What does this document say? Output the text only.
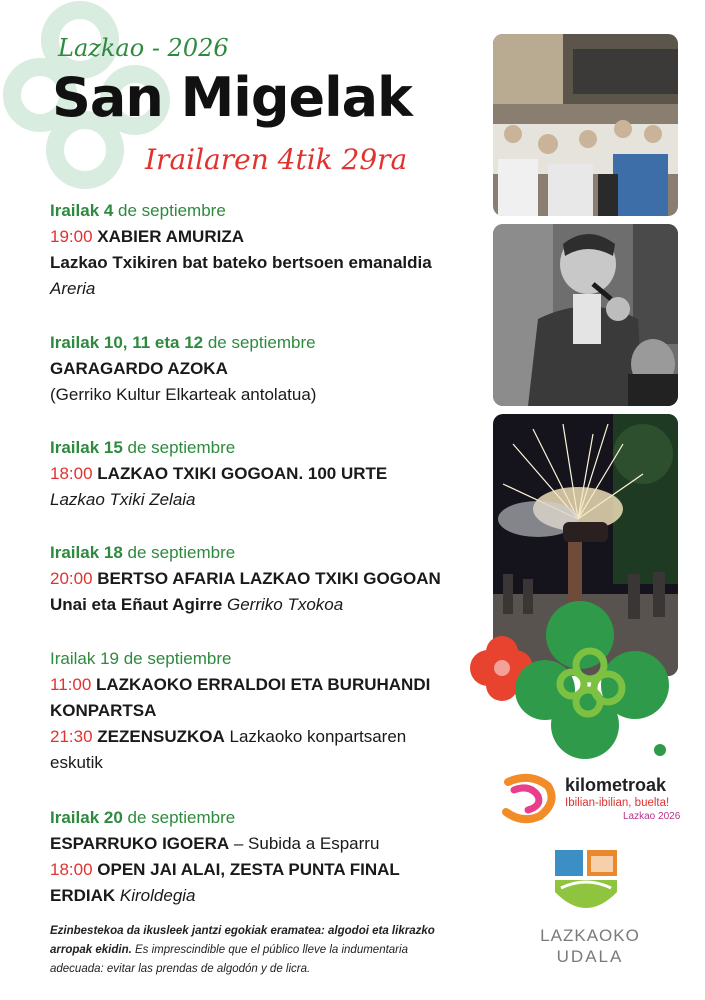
Lazkao - 2026
San Migelak
Irailaren 4tik 29ra
Irailak 4 de septiembre
19:00 XABIER AMURIZA
Lazkao Txikiren bat bateko bertsoen emanaldia
Areria
Irailak 10, 11 eta 12 de septiembre
GARAGARDO AZOKA
(Gerriko Kultur Elkarteak antolatua)
Irailak 15 de septiembre
18:00 LAZKAO TXIKI GOGOAN. 100 URTE
Lazkao Txiki Zelaia
Irailak 18 de septiembre
20:00 BERTSO AFARIA LAZKAO TXIKI GOGOAN
Unai eta Eñaut Agirre Gerriko Txokoa
Irailak 19 de septiembre
11:00 LAZKAOKO ERRALDOI ETA BURUHANDI
KONPARTSA
21:30 ZEZENSUZKOA Lazkaoko konpartsaren
eskutik
Irailak 20 de septiembre
ESPARRUKO IGOERA – Subida a Esparru
18:00 OPEN JAI ALAI, ZESTA PUNTA FINAL
ERDIAK Kiroldegia
Ezinbestekoa da ikusleek jantzi egokiak eramatea: algodoi eta likrazko arropak ekidin. Es imprescindible que el público lleve la indumentaria adecuada: evitar las prendas de algodón y de licra.
kilometroak
Ibilian-ibilian, buelta!
Lazkao 2026
LAZKAOKO
UDALA
